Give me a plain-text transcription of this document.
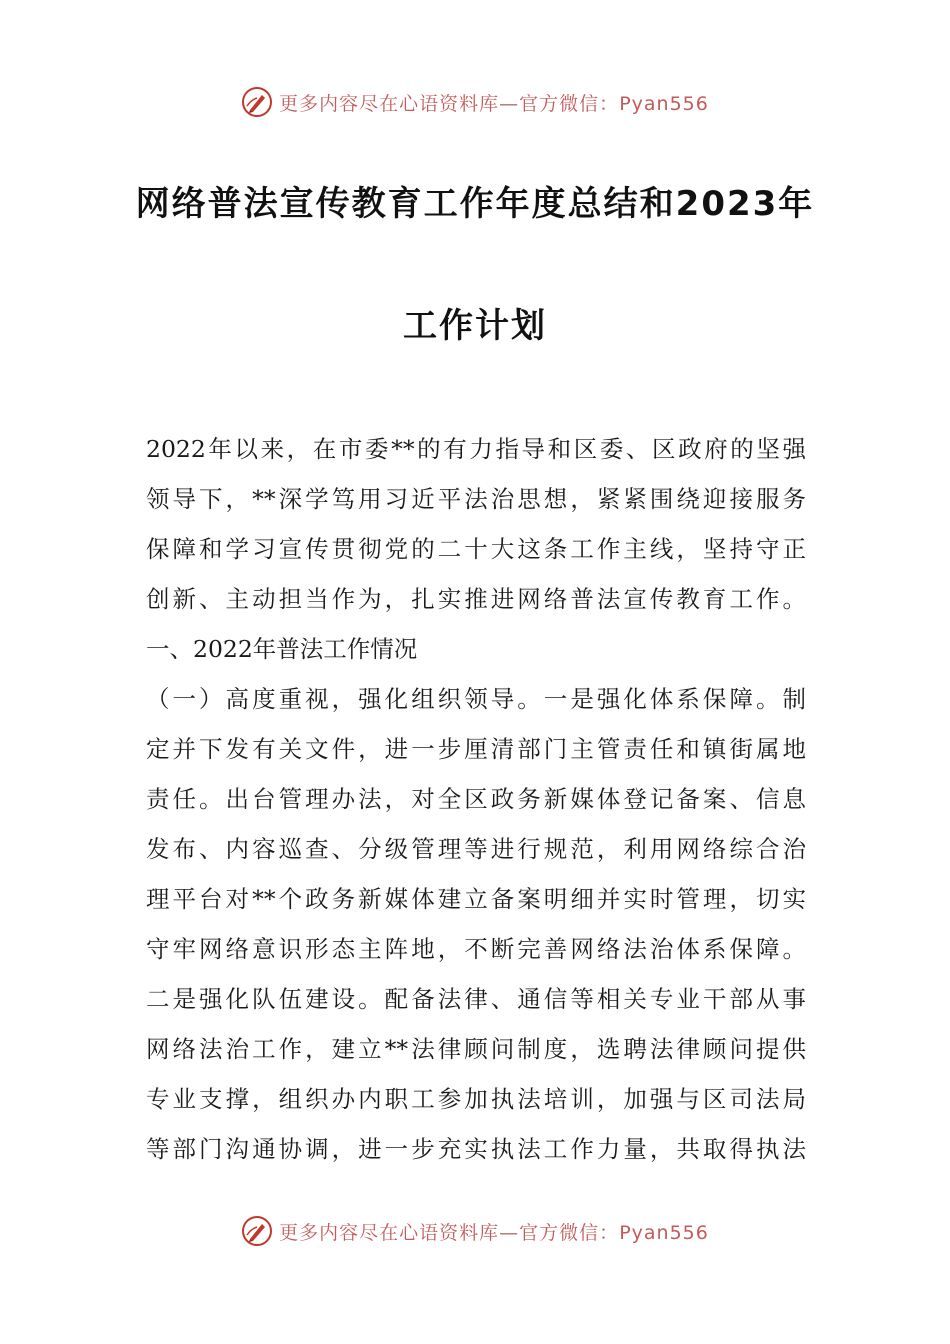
更多内容尽在心语资料库—官方微信：Pyan556
网络普法宣传教育工作年度总结和2023年
工作计划
2022年以来，在市委**的有力指导和区委、区政府的坚强
领导下，**深学笃用习近平法治思想，紧紧围绕迎接服务
保障和学习宣传贯彻党的二十大这条工作主线，坚持守正
创新、主动担当作为，扎实推进网络普法宣传教育工作。
一、2022年普法工作情况
（一）高度重视，强化组织领导。一是强化体系保障。制
定并下发有关文件，进一步厘清部门主管责任和镇街属地
责任。出台管理办法，对全区政务新媒体登记备案、信息
发布、内容巡查、分级管理等进行规范，利用网络综合治
理平台对**个政务新媒体建立备案明细并实时管理，切实
守牢网络意识形态主阵地，不断完善网络法治体系保障。
二是强化队伍建设。配备法律、通信等相关专业干部从事
网络法治工作，建立**法律顾问制度，选聘法律顾问提供
专业支撑，组织办内职工参加执法培训，加强与区司法局
等部门沟通协调，进一步充实执法工作力量，共取得执法
更多内容尽在心语资料库—官方微信：Pyan556
